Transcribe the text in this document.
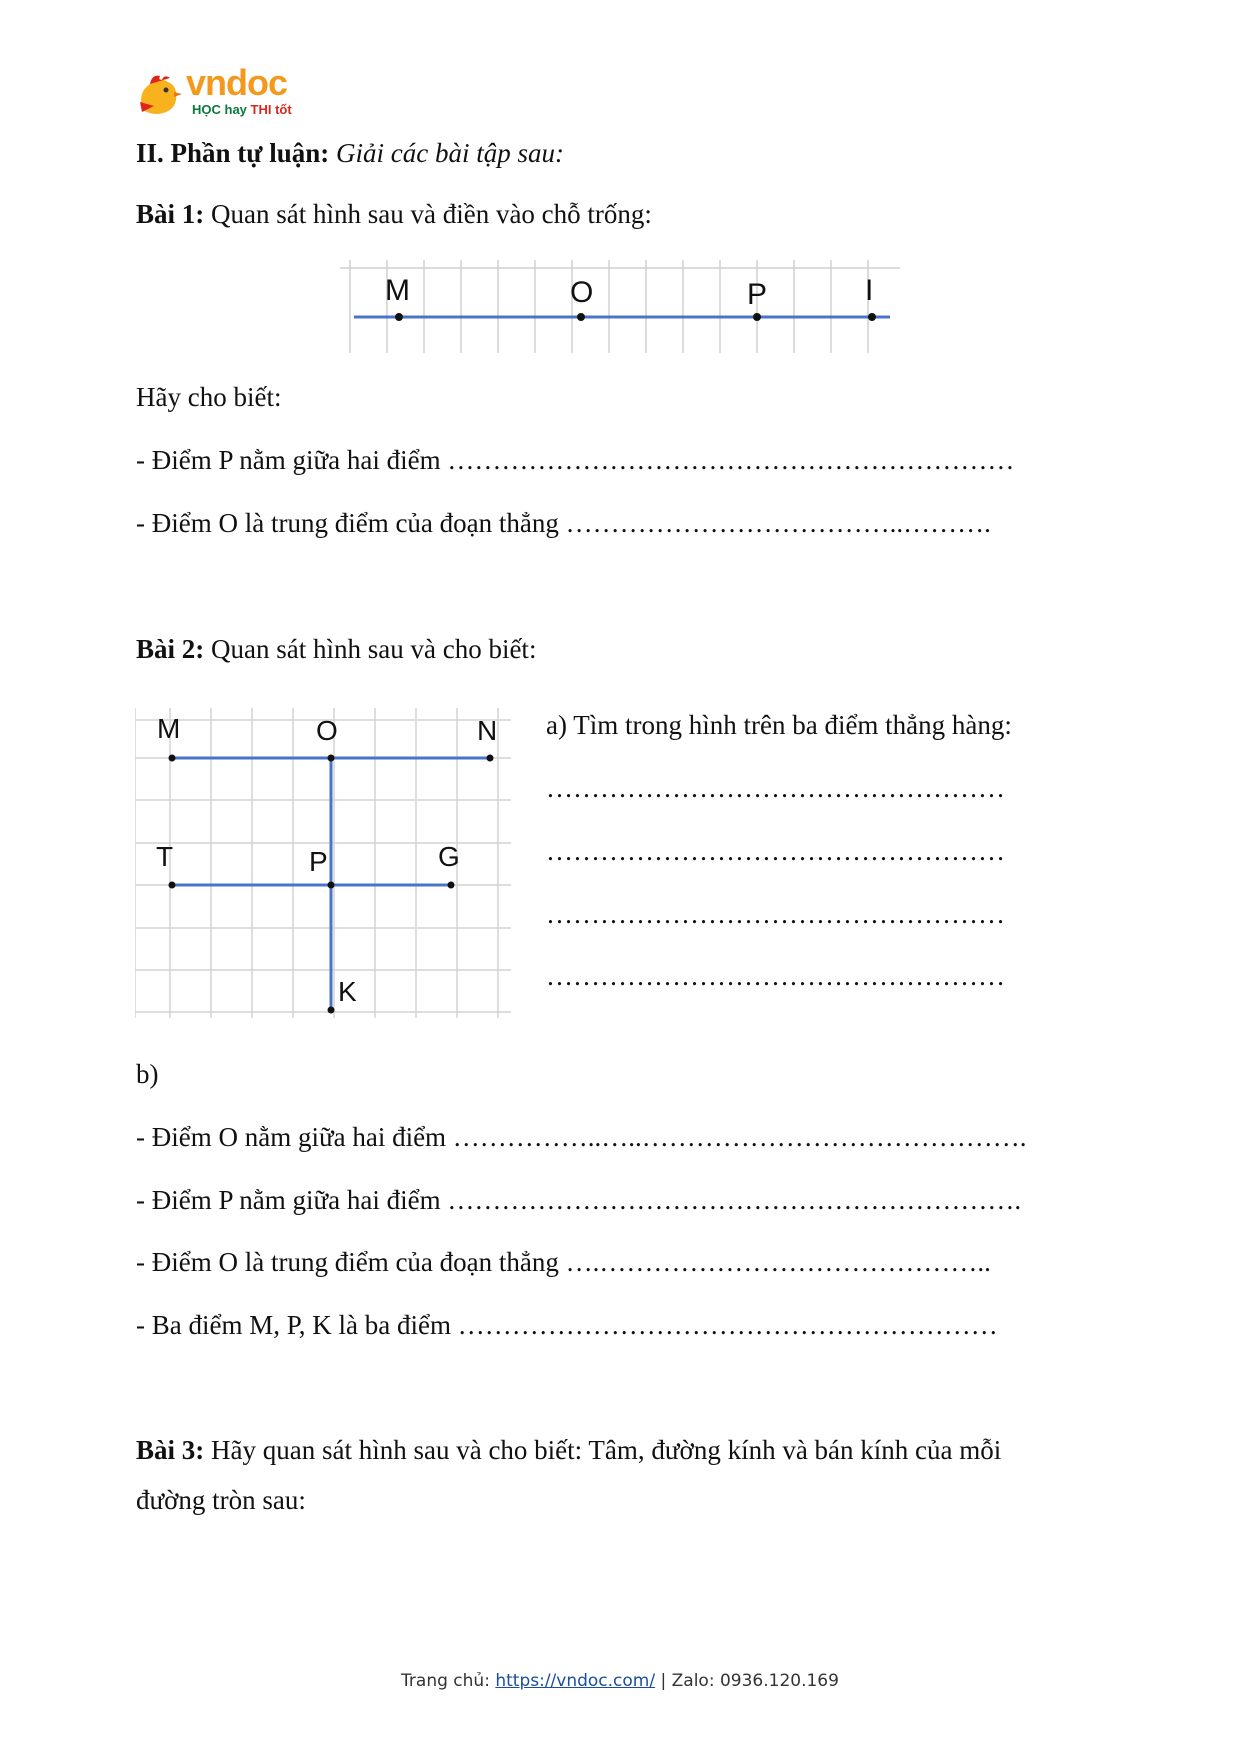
vndoc
HỌC hay THI tốt
II. Phần tự luận: Giải các bài tập sau:
Bài 1: Quan sát hình sau và điền vào chỗ trống:
M	O	P	I
Hãy cho biết:
- Điểm P nằm giữa hai điểm ………………………………………………………
- Điểm O là trung điểm của đoạn thẳng ………………………………..……….
Bài 2: Quan sát hình sau và cho biết:
M	O	N
T	P	G
K
a) Tìm trong hình trên ba điểm thẳng hàng:
……………………………………………
……………………………………………
……………………………………………
……………………………………………
b)
- Điểm O nằm giữa hai điểm ……………..…..…………………………………….
- Điểm P nằm giữa hai điểm ……………………………………………………….
- Điểm O là trung điểm của đoạn thẳng ….……………………………………..
- Ba điểm M, P, K là ba điểm ……………………………………………………
Bài 3: Hãy quan sát hình sau và cho biết: Tâm, đường kính và bán kính của mỗi
đường tròn sau:
Trang chủ: https://vndoc.com/ | Zalo: 0936.120.169
